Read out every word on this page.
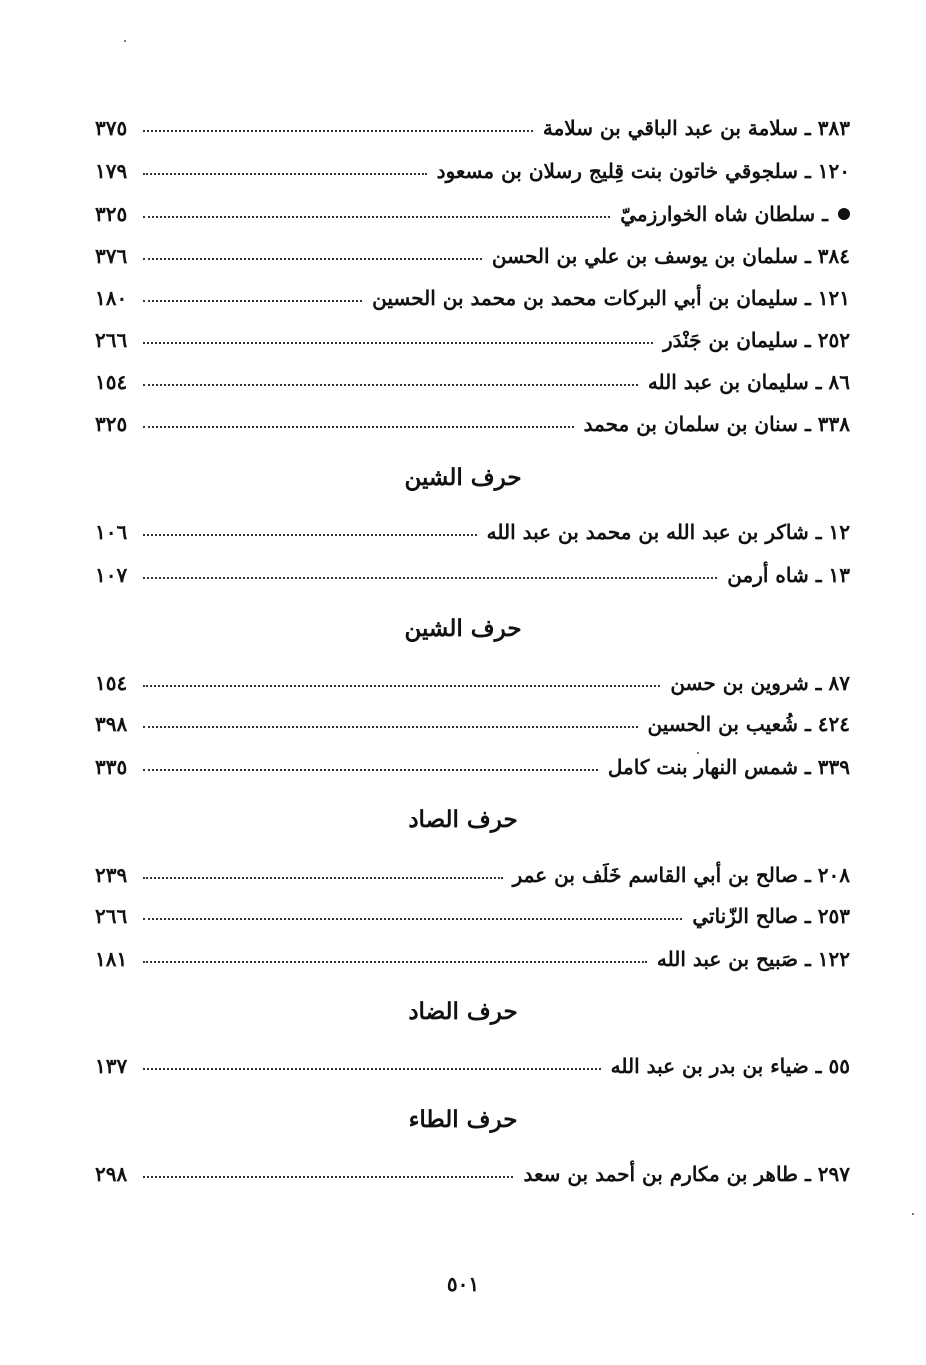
٣٨٣ ـ سلامة بن عبد الباقي بن سلامة
٣٧٥
١٢٠ ـ سلجوقي خاتون بنت قِليج رسلان بن مسعود
١٧٩
ـ سلطان شاه الخوارزميّ
٣٢٥
٣٨٤ ـ سلمان بن يوسف بن علي بن الحسن
٣٧٦
١٢١ ـ سليمان بن أبي البركات محمد بن محمد بن الحسين
١٨٠
٢٥٢ ـ سليمان بن جَنْدَر
٢٦٦
٨٦ ـ سليمان بن عبد الله
١٥٤
٣٣٨ ـ سنان بن سلمان بن محمد
٣٢٥
حرف الشين
١٢ ـ شاكر بن عبد الله بن محمد بن عبد الله
١٠٦
١٣ ـ شاه أرمن
١٠٧
حرف الشين
٨٧ ـ شروين بن حسن
١٥٤
٤٢٤ ـ شُعيب بن الحسين
٣٩٨
٣٣٩ ـ شمس النهار بنت كامل
٣٣٥
حرف الصاد
٢٠٨ ـ صالح بن أبي القاسم خَلَف بن عمر
٢٣٩
٢٥٣ ـ صالح الزّناتي
٢٦٦
١٢٢ ـ صَبيح بن عبد الله
١٨١
حرف الضاد
٥٥ ـ ضياء بن بدر بن عبد الله
١٣٧
حرف الطاء
٢٩٧ ـ طاهر بن مكارم بن أحمد بن سعد
٢٩٨
٥٠١
